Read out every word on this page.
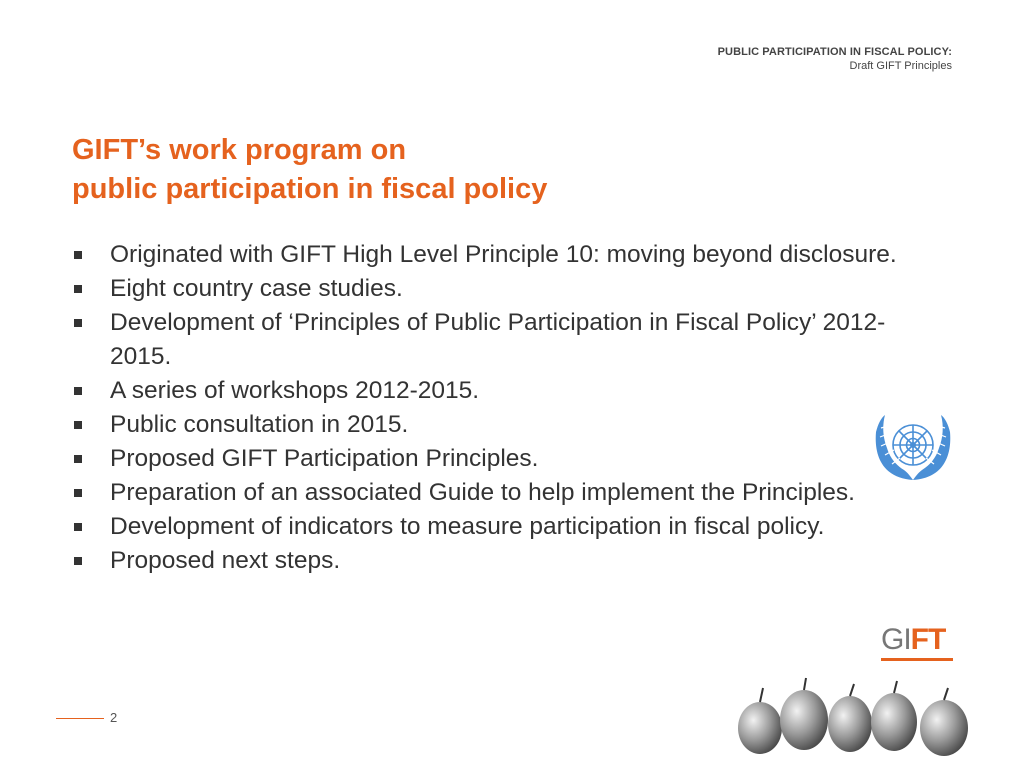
PUBLIC PARTICIPATION IN FISCAL POLICY:
Draft GIFT Principles
GIFT’s work program on
public participation in fiscal policy
Originated with GIFT High Level Principle 10: moving beyond disclosure.
Eight country case studies.
Development of ‘Principles of Public Participation in Fiscal Policy’ 2012-2015.
A series of workshops 2012-2015.
Public consultation in 2015.
Proposed GIFT Participation Principles.
Preparation of an associated Guide to help implement the Principles.
Development of indicators to measure participation in fiscal policy.
Proposed next steps.
GIFT
2
